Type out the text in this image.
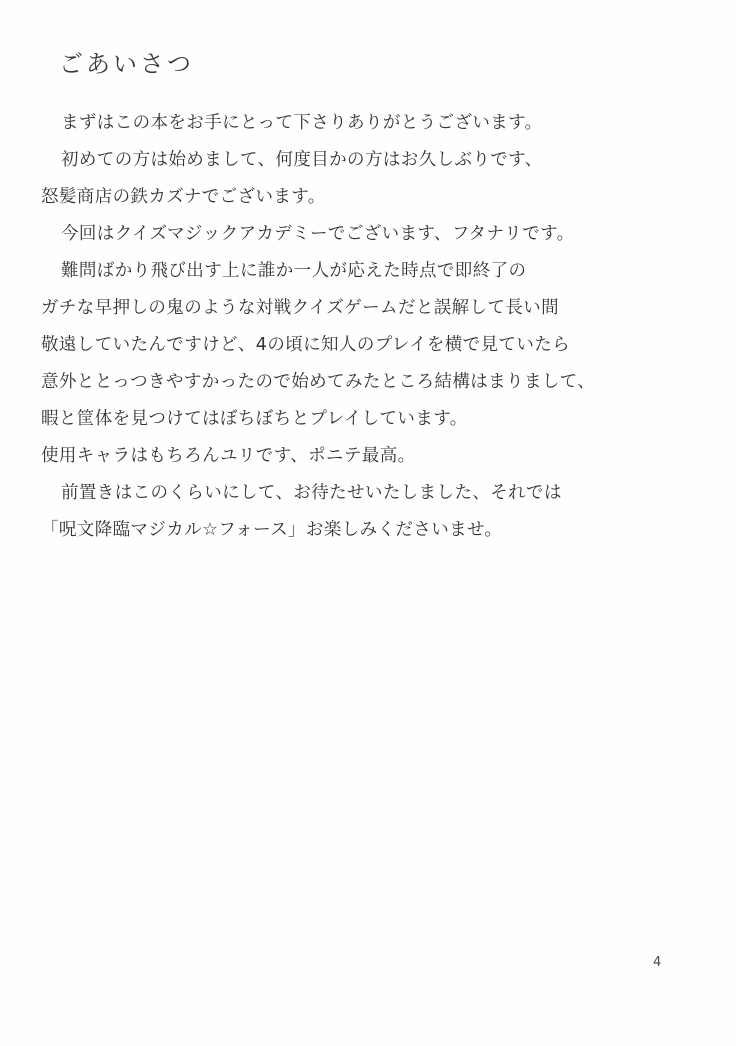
ごあいさつ

まずはこの本をお手にとって下さりありがとうございます。

初めての方は始めまして、何度目かの方はお久しぶりです、

怒髪商店の鉄カズナでございます。

今回はクイズマジックアカデミーでございます、フタナリです。

難問ばかり飛び出す上に誰か一人が応えた時点で即終了の

ガチな早押しの鬼のような対戦クイズゲームだと誤解して長い間

敬遠していたんですけど、4の頃に知人のプレイを横で見ていたら

意外ととっつきやすかったので始めてみたところ結構はまりまして、

暇と筐体を見つけてはぼちぼちとプレイしています。

使用キャラはもちろんユリです、ポニテ最高。

前置きはこのくらいにして、お待たせいたしました、それでは

「呪文降臨マジカル☆フォース」お楽しみくださいませ。

4
